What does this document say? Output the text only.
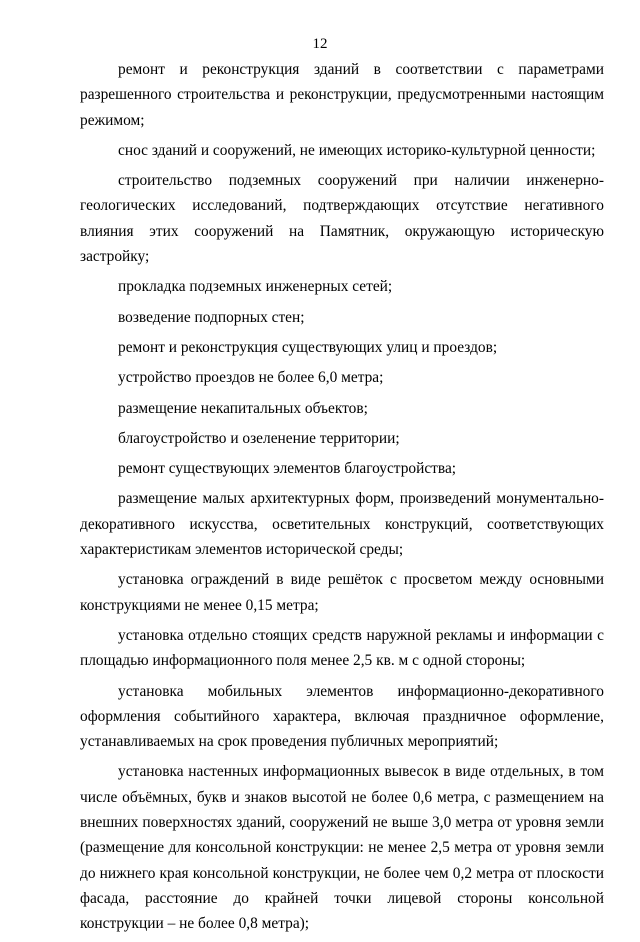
12

ремонт и реконструкция зданий в соответствии с параметрами разрешенного строительства и реконструкции, предусмотренными настоящим режимом;

снос зданий и сооружений, не имеющих историко-культурной ценности;

строительство подземных сооружений при наличии инженерно-геологических исследований, подтверждающих отсутствие негативного влияния этих сооружений на Памятник, окружающую историческую застройку;

прокладка подземных инженерных сетей;

возведение подпорных стен;

ремонт и реконструкция существующих улиц и проездов;

устройство проездов не более 6,0 метра;

размещение некапитальных объектов;

благоустройство и озеленение территории;

ремонт существующих элементов благоустройства;

размещение малых архитектурных форм, произведений монументально-декоративного искусства, осветительных конструкций, соответствующих характеристикам элементов исторической среды;

установка ограждений в виде решёток с просветом между основными конструкциями не менее 0,15 метра;

установка отдельно стоящих средств наружной рекламы и информации с площадью информационного поля менее 2,5 кв. м с одной стороны;

установка мобильных элементов информационно-декоративного оформления событийного характера, включая праздничное оформление, устанавливаемых на срок проведения публичных мероприятий;

установка настенных информационных вывесок в виде отдельных, в том числе объёмных, букв и знаков высотой не более 0,6 метра, с размещением на внешних поверхностях зданий, сооружений не выше 3,0 метра от уровня земли (размещение для консольной конструкции: не менее 2,5 метра от уровня земли до нижнего края консольной конструкции, не более чем 0,2 метра от плоскости фасада, расстояние до крайней точки лицевой стороны консольной конструкции – не более 0,8 метра);
